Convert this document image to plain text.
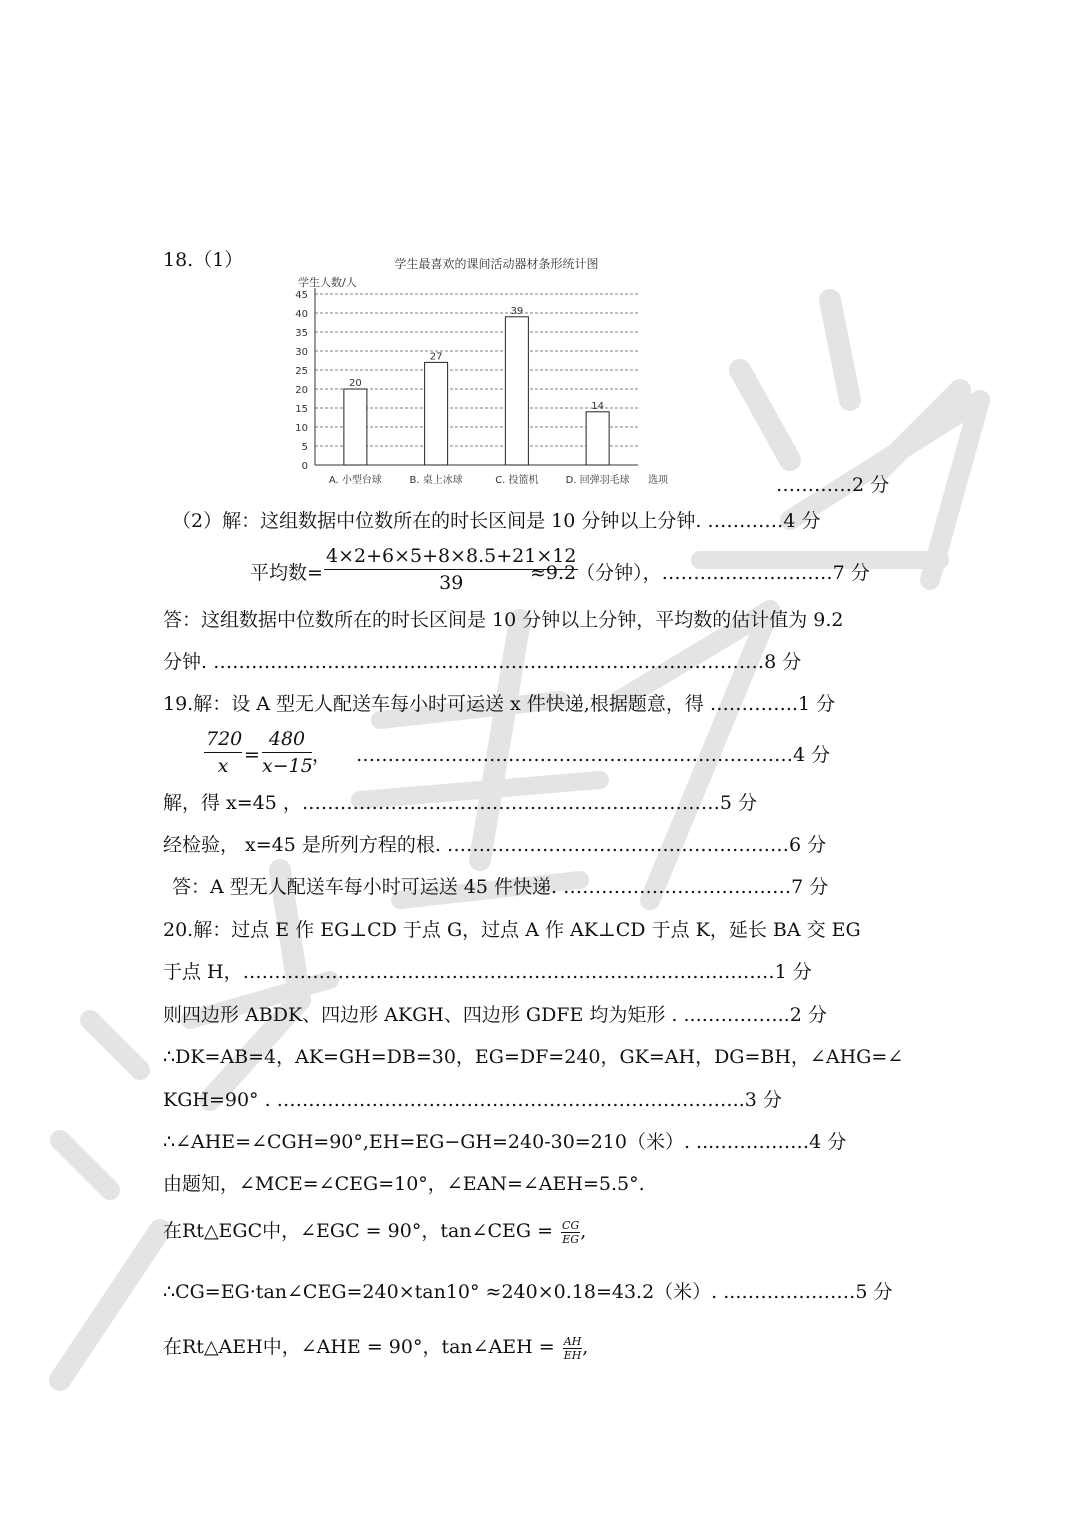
18.（1）	学生最喜欢的课间活动器材条形统计图
学生人数/人
0
5
10
15
20
25
30
35
40
45
20
A. 小型台球
27
B. 桌上冰球
39
C. 投篮机
14
D. 回弹羽毛球 选项	…………2 分
（2）解：这组数据中位数所在的时长区间是 10 分钟以上分钟. …………4 分
平均数= $\frac{4\times 2+6\times 5+8\times 8.5+21\times 12}{39}$
≈9.2（分钟），………………………7 分
答：这组数据中位数所在的时长区间是 10 分钟以上分钟，平均数的估计值为 9.2
分钟. ……………………………………………………………………………8 分
19.解：设 A 型无人配送车每小时可运送 x 件快递,根据题意，得 …………..1 分
$\frac{720}{x} = \frac{480}{x-15}$ ， ……………………………………………………………4 分
解，得 x=45 ，…………………………………………………………5 分
经检验， x=45 是所列方程的根. ………………………………………………6 分
答：A 型无人配送车每小时可运送 45 件快递. ………………………………7 分
20.解：过点 E 作 EG⊥CD 于点 G，过点 A 作 AK⊥CD 于点 K，延长 BA 交 EG
于点 H，…………………………………………………………………………1 分
则四边形 ABDK、四边形 AKGH、四边形 GDFE 均为矩形 . ...…………..2 分
∴DK=AB=4，AK=GH=DB=30，EG=DF=240，GK=AH，DG=BH，∠AHG=∠
KGH=90° . ………………………………………………………………..3 分
∴∠AHE=∠CGH=90°,EH=EG−GH=240-30=210（米）. ...……………4 分
由题知，∠MCE=∠CEG=10°，∠EAN=∠AEH=5.5°.
在Rt△EGC中，∠EGC = 90°，tan∠CEG = $\frac{CG}{EG}$ ,
∴CG=EG·tan∠CEG=240×tan10° ≈240×0.18=43.2（米）. ...………………5 分
在Rt△AEH中，∠AHE = 90°，tan∠AEH = $\frac{AH}{EH}$ ,
